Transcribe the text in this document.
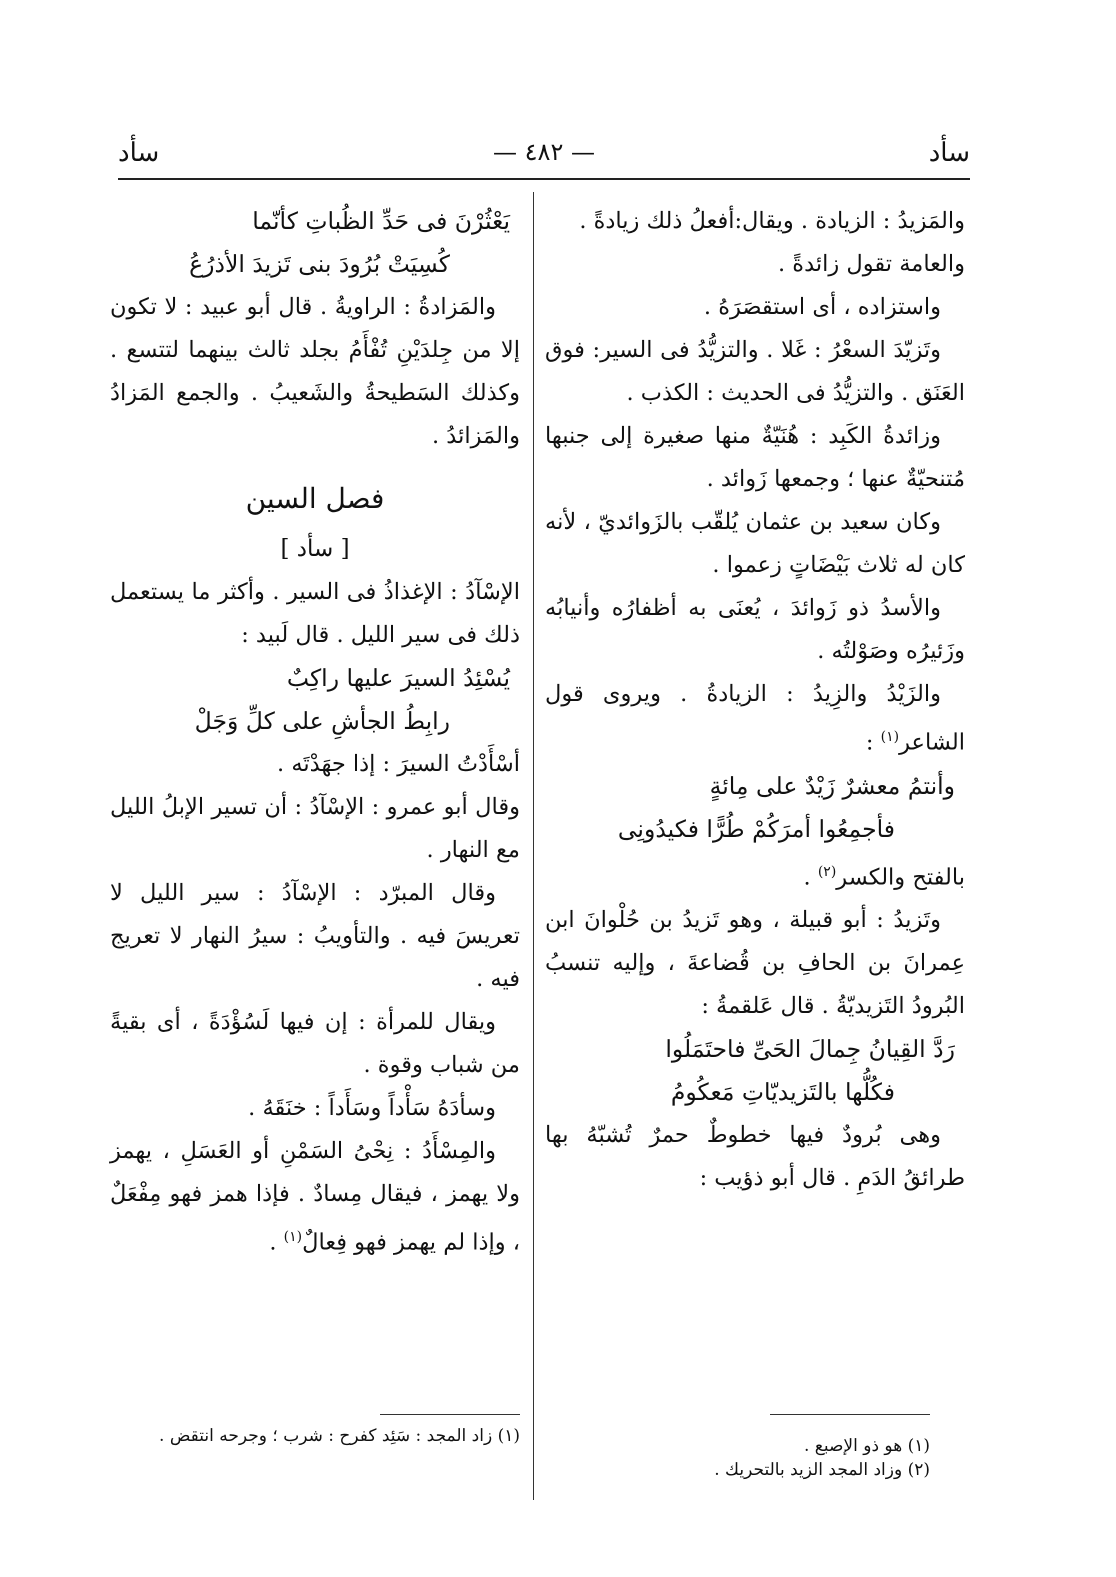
سأد
— ٤٨٢ —
سأد

والمَزيدُ : الزيادة . ويقال:أفعلُ ذلك زيادةً .

والعامة تقول زائدةً .

واستزاده ، أى استقصَرَهُ .

وتَزيّدَ السعْرُ : غَلا . والتزيُّدُ فى السير: فوق العَنَق . والتزيُّدُ فى الحديث : الكذب .

وزائدةُ الكَبِد : هُنَيّةٌ منها صغيرة إلى جنبها مُتنحيّةٌ عنها ؛ وجمعها زَوائد .

وكان سعيد بن عثمان يُلقّب بالزَوائديّ ، لأنه كان له ثلاث بَيْضَاتٍ زعموا .

والأسدُ ذو زَوائدَ ، يُعنَى به أظفارُه وأنيابُه وزَئيرُه وصَوْلتُه .

والزَيْدُ والزِيدُ : الزيادةُ . ويروى قول الشاعر$^{(١)}$ :

وأنتمُ معشرٌ زَيْدٌ على مِائةٍ

فأجمِعُوا أمرَكُمْ طُرًّا فكيدُونِى

بالفتح والكسر$^{(٢)}$ .

وتَزيدُ : أبو قبيلة ، وهو تَزيدُ بن حُلْوانَ ابن عِمرانَ بن الحافِ بن قُضاعةَ ، وإليه تنسبُ البُرودُ التَزيديّةُ . قال عَلقمةُ :

رَدَّ القِيانُ جِمالَ الحَىِّ فاحتَمَلُوا

فكُلُّها بالتَزيديّاتِ مَعكُومُ

وهى بُرودٌ فيها خطوطٌ حمرٌ تُشبّهُ بها طرائقُ الدَمِ . قال أبو ذؤيب :

يَعْثُرْنَ فى حَدِّ الظُباتِ كأنّما

كُسِيَتْ بُرُودَ بنى تَزيدَ الأذرُعُ

والمَزادةُ : الراويةُ . قال أبو عبيد : لا تكون إلا من جِلدَيْنِ تُفْأَمُ بجلد ثالث بينهما لتتسع . وكذلك السَطيحةُ والشَعيبُ . والجمع المَزادُ والمَزائدُ .

فصل السين

[ سأد ]

الإسْآدُ : الإغذاذُ فى السير . وأكثر ما يستعمل ذلك فى سير الليل . قال لَبيد :

يُسْئِدُ السيرَ عليها راكِبٌ

رابِطُ الجأشِ على كلِّ وَجَلْ

أسْأَدْتُ السيرَ : إذا جهَدْتَه .

وقال أبو عمرو : الإسْآدُ : أن تسير الإبلُ الليل مع النهار .

وقال المبرّد : الإسْآدُ : سير الليل لا تعريسَ فيه . والتأويبُ : سيرُ النهار لا تعريج فيه .

ويقال للمرأة : إن فيها لَسُؤْدَةً ، أى بقيةً من شباب وقوة .

وسأدَهُ سَأْداً وسَأَداً : خنَقَهُ .

والمِسْأَدُ : نِحْىُ السَمْنِ أو العَسَلِ ، يهمز ولا يهمز ، فيقال مِسادٌ . فإذا همز فهو مِفْعَلٌ ، وإذا لم يهمز فهو فِعالٌ$^{(١)}$ .

(١) هو ذو الإصبع .

(٢) وزاد المجد الزيد بالتحريك .

(١) زاد المجد : سَئِد كفرح : شرب ؛ وجرحه انتقض .
